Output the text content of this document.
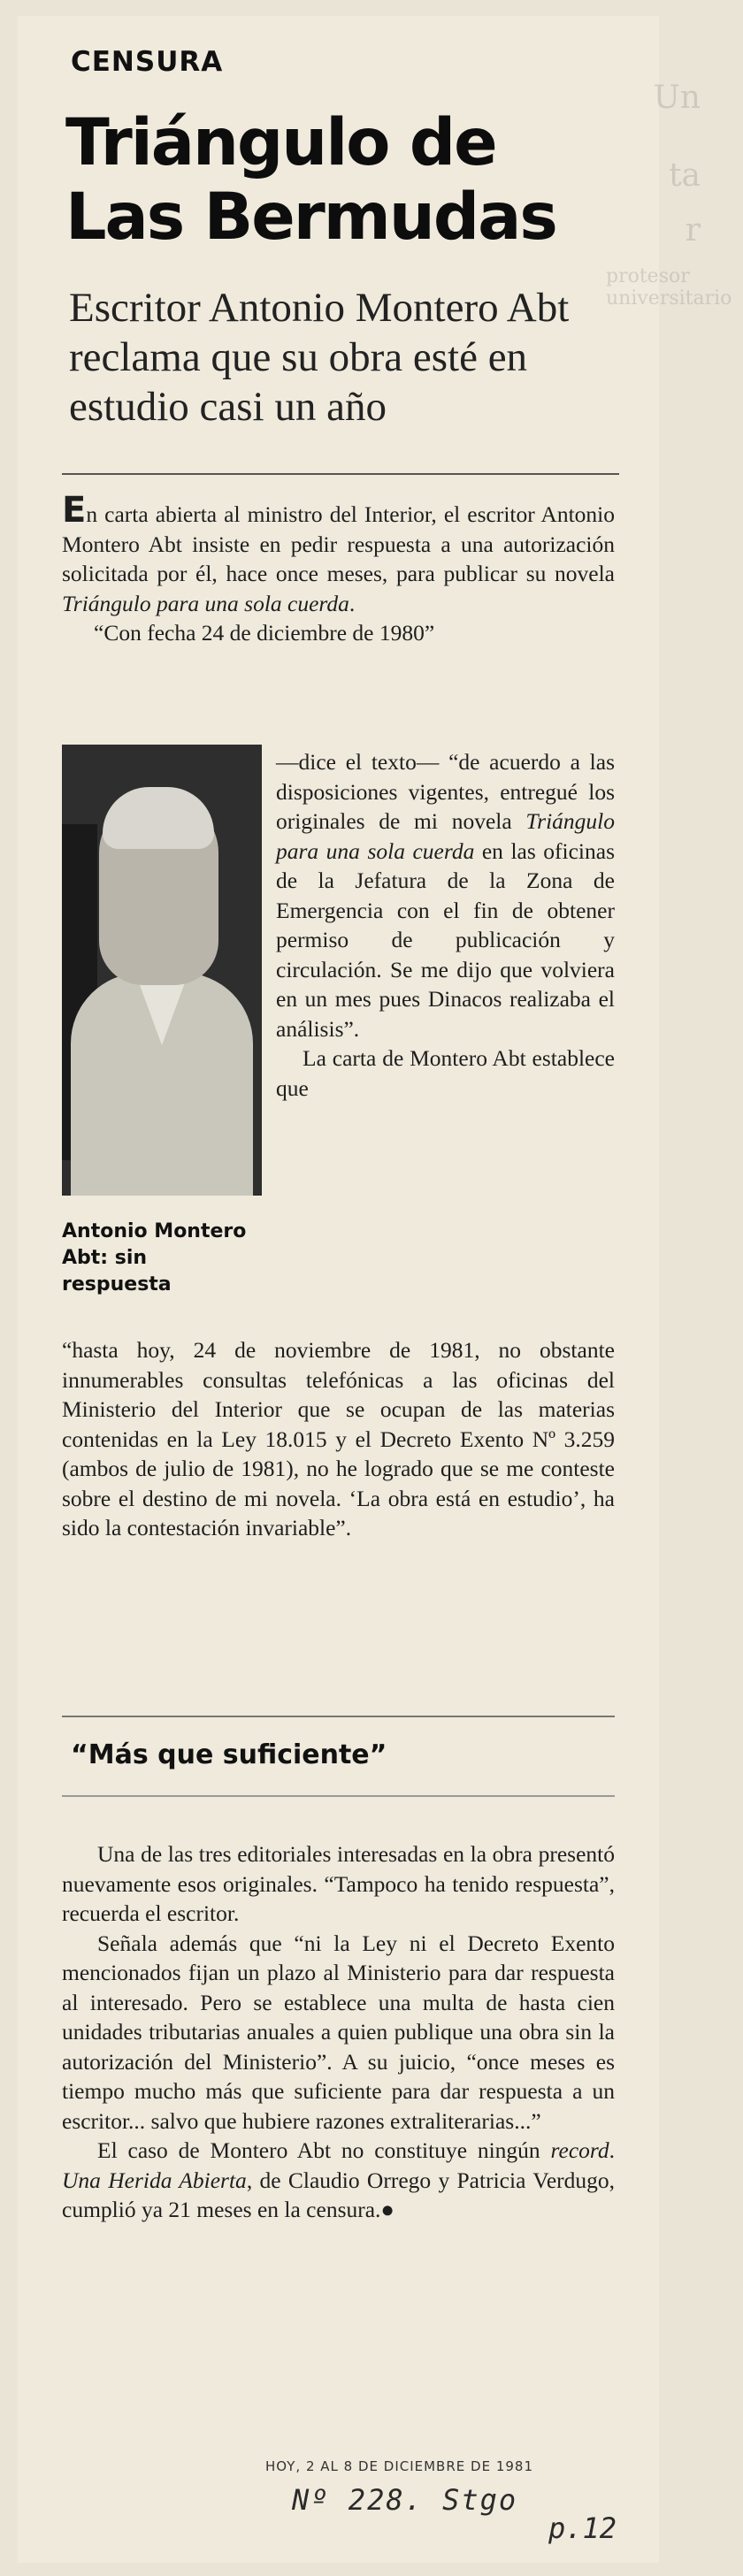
Un
ta
r
protesor universitario
CENSURA
Triángulo de
Las Bermudas
Escritor Antonio Montero Abt reclama que su obra esté en estudio casi un año
En carta abierta al ministro del Interior, el escritor Antonio Montero Abt insiste en pedir respuesta a una autorización solicitada por él, hace once meses, para publicar su novela Triángulo para una sola cuerda.
“Con fecha 24 de diciembre de 1980”
Antonio Montero Abt: sin respuesta
—dice el texto— “de acuerdo a las disposiciones vigentes, entregué los originales de mi novela Triángulo para una sola cuerda en las oficinas de la Jefatura de la Zona de Emergencia con el fin de obtener permiso de publicación y circulación. Se me dijo que volviera en un mes pues Dinacos realizaba el análisis”.
La carta de Montero Abt establece que
“hasta hoy, 24 de noviembre de 1981, no obstante innumerables consultas telefónicas a las oficinas del Ministerio del Interior que se ocupan de las materias contenidas en la Ley 18.015 y el Decreto Exento Nº 3.259 (ambos de julio de 1981), no he logrado que se me conteste sobre el destino de mi novela. ‘La obra está en estudio’, ha sido la contestación invariable”.
“Más que suficiente”
Una de las tres editoriales interesadas en la obra presentó nuevamente esos originales. “Tampoco ha tenido respuesta”, recuerda el escritor.
Señala además que “ni la Ley ni el Decreto Exento mencionados fijan un plazo al Ministerio para dar respuesta al interesado. Pero se establece una multa de hasta cien unidades tributarias anuales a quien publique una obra sin la autorización del Ministerio”. A su juicio, “once meses es tiempo mucho más que suficiente para dar respuesta a un escritor... salvo que hubiere razones extraliterarias...”
El caso de Montero Abt no constituye ningún record. Una Herida Abierta, de Claudio Orrego y Patricia Verdugo, cumplió ya 21 meses en la censura.●
HOY, 2 AL 8 DE DICIEMBRE DE 1981
Nº 228. Stgo
p.12
